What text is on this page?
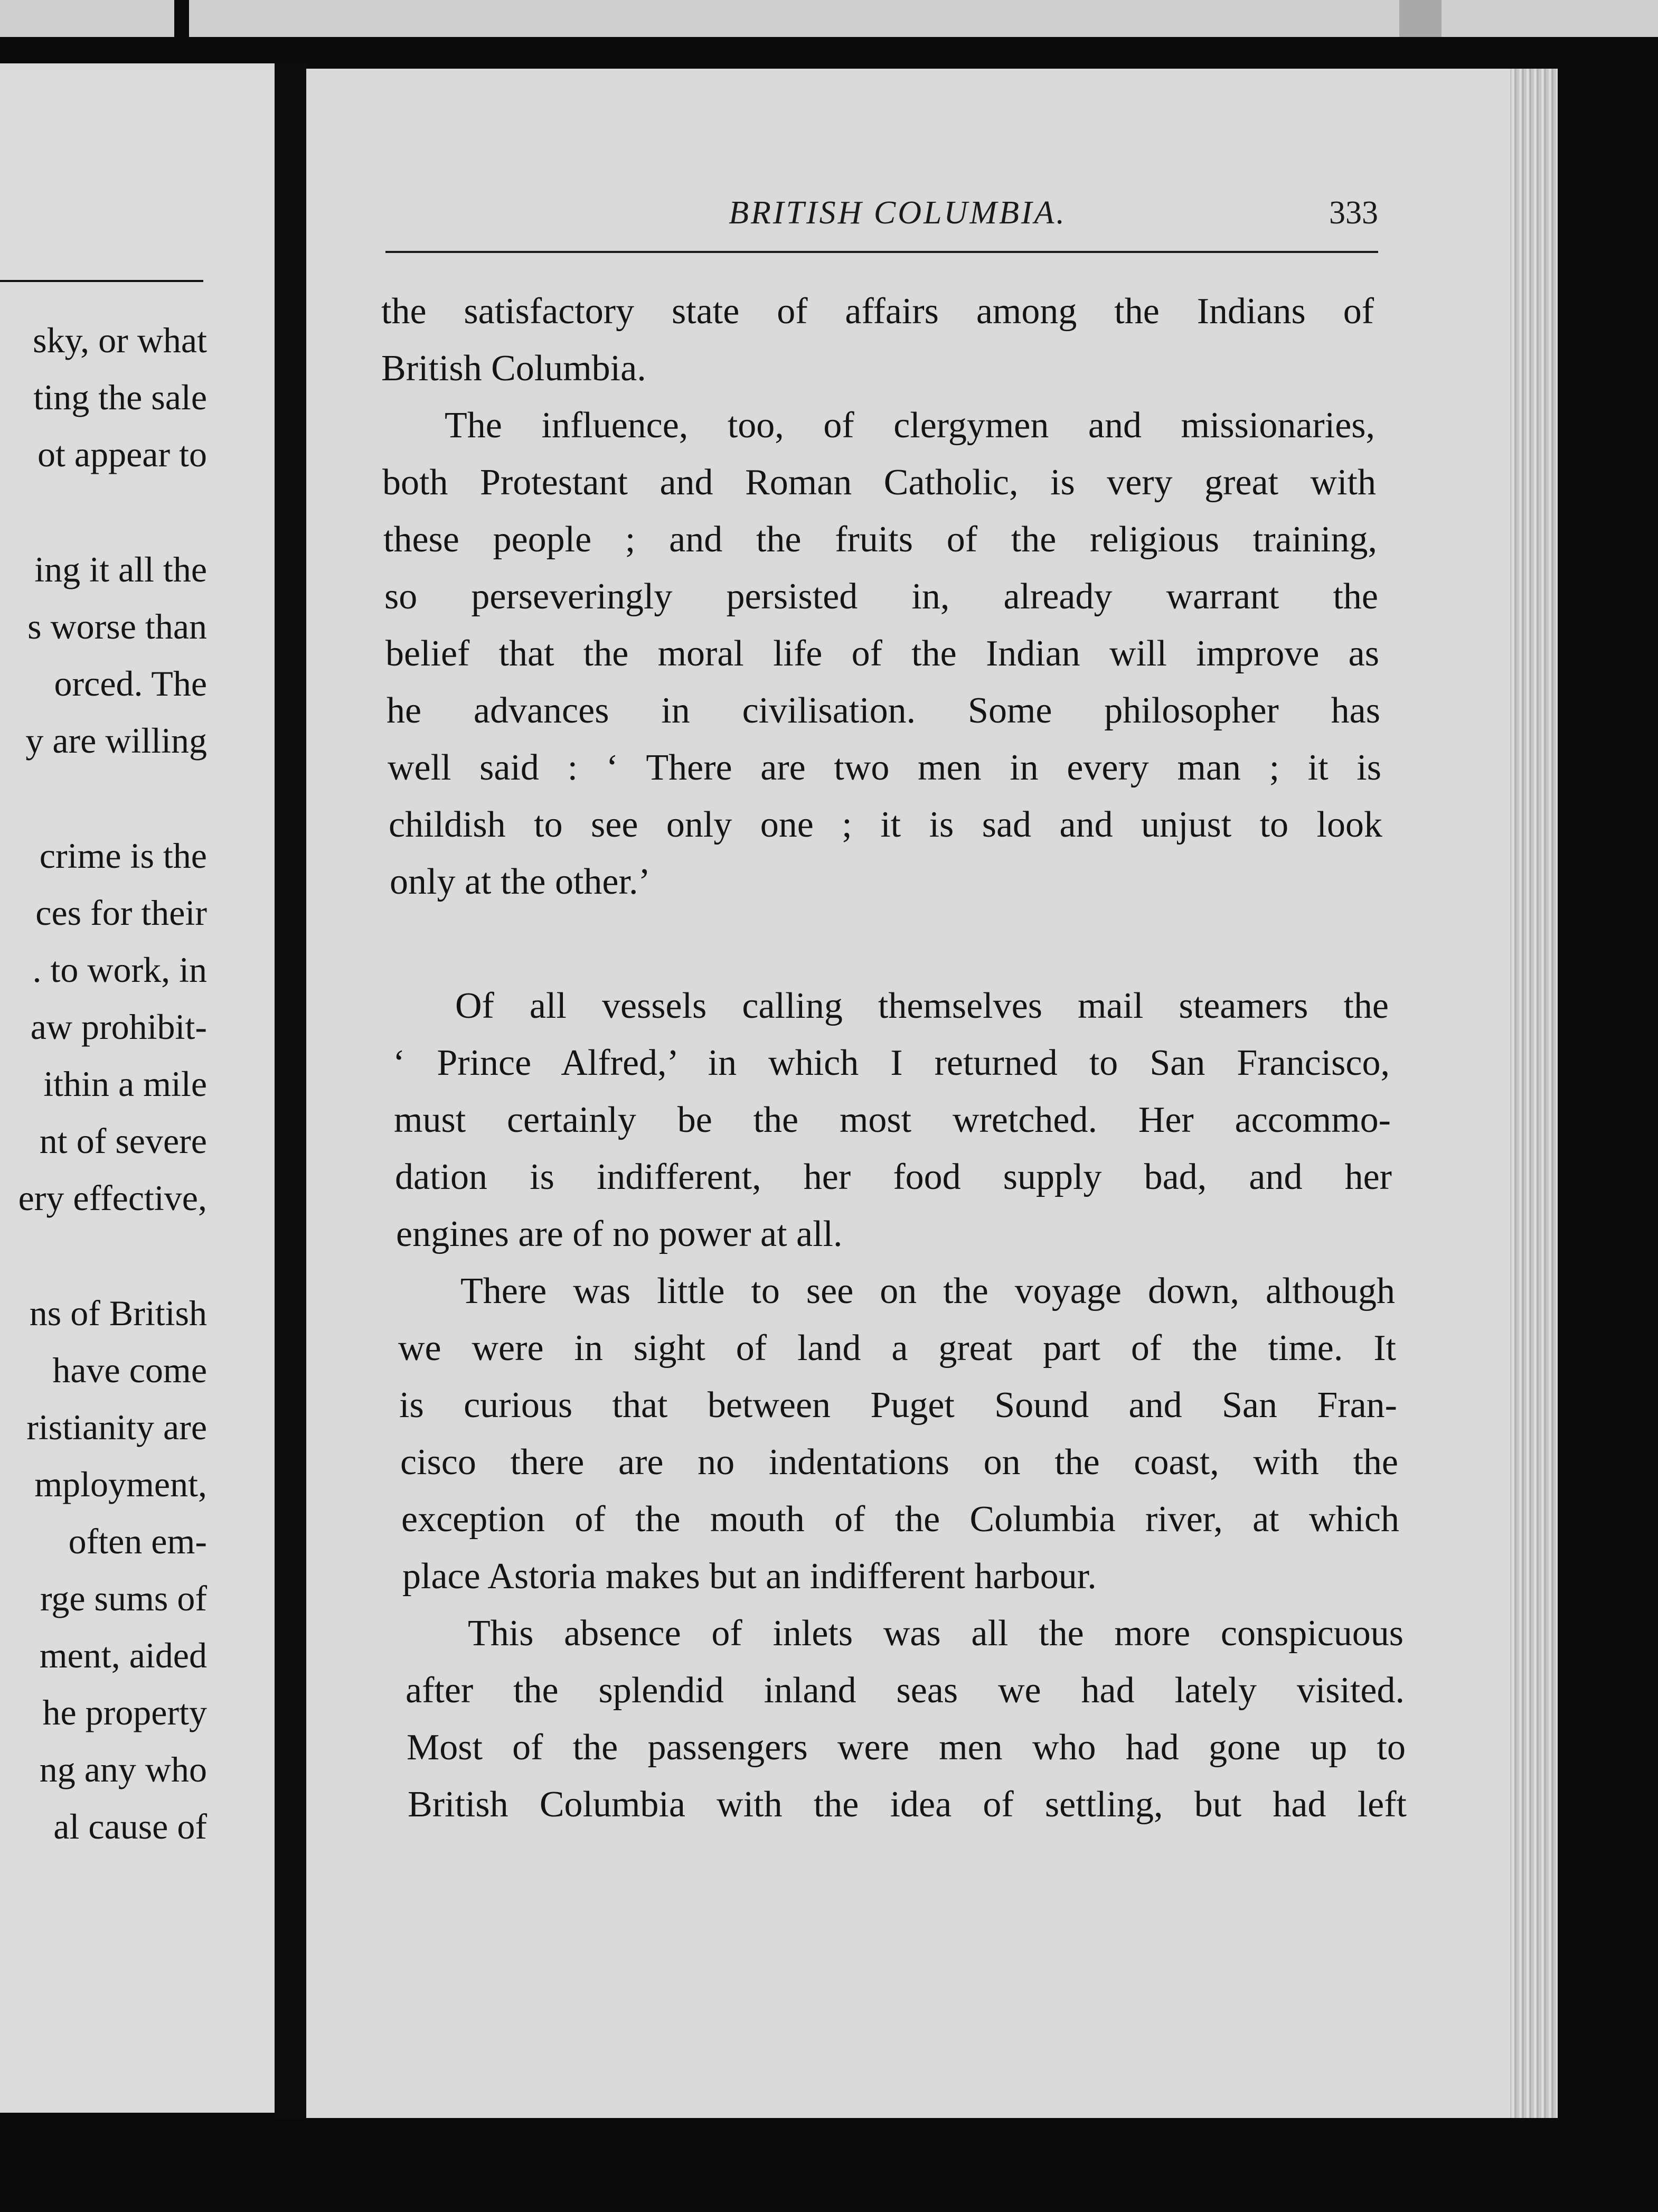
sky, or what
ting the sale
ot appear to
ing it all the
s worse than
orced. The
y are willing
crime is the
ces for their
. to work, in
aw prohibit-
ithin a mile
nt of severe
ery effective,
ns of British
have come
ristianity are
mployment,
often em-
rge sums of
ment, aided
he property
ng any who
al cause of
BRITISH COLUMBIA.	333
the satisfactory state of affairs among the Indians of
British Columbia.
The influence, too, of clergymen and missionaries,
both Protestant and Roman Catholic, is very great with
these people ; and the fruits of the religious training,
so perseveringly persisted in, already warrant the
belief that the moral life of the Indian will improve as
he advances in civilisation. Some philosopher has
well said : ‘ There are two men in every man ; it is
childish to see only one ; it is sad and unjust to look
only at the other.’
Of all vessels calling themselves mail steamers the
‘ Prince Alfred,’ in which I returned to San Francisco,
must certainly be the most wretched. Her accommo-
dation is indifferent, her food supply bad, and her
engines are of no power at all.
There was little to see on the voyage down, although
we were in sight of land a great part of the time. It
is curious that between Puget Sound and San Fran-
cisco there are no indentations on the coast, with the
exception of the mouth of the Columbia river, at which
place Astoria makes but an indifferent harbour.
This absence of inlets was all the more conspicuous
after the splendid inland seas we had lately visited.
Most of the passengers were men who had gone up to
British Columbia with the idea of settling, but had left
